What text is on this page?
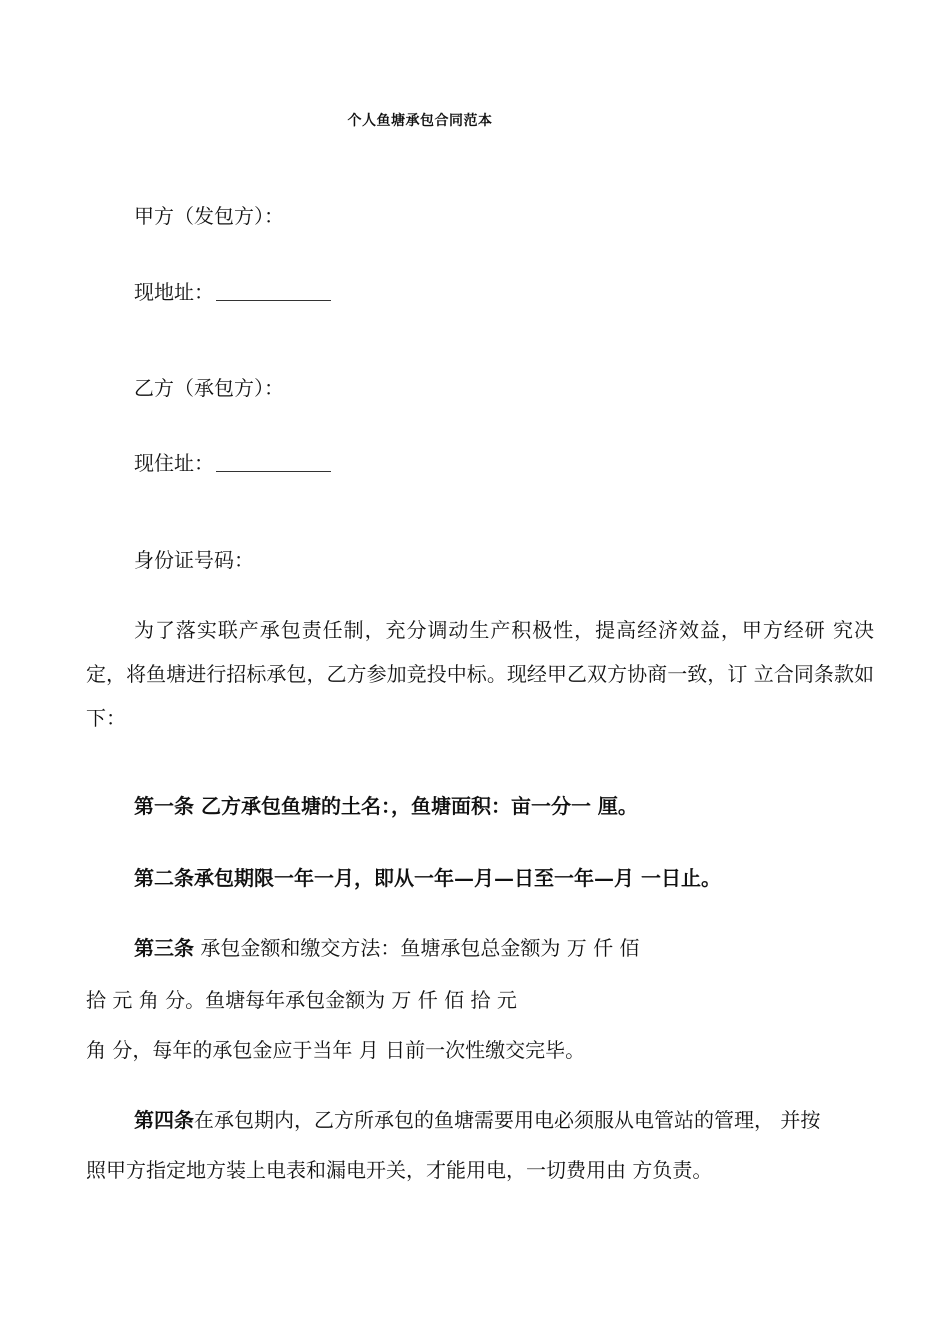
个人鱼塘承包合同范本
甲方（发包方）：
现地址：
乙方（承包方）：
现住址：
身份证号码：

为了落实联产承包责任制，充分调动生产积极性，提高经济效益，甲方经研 究决定，将鱼塘进行招标承包，乙方参加竞投中标。现经甲乙双方协商一致，订 立合同条款如下：

第一条 乙方承包鱼塘的土名：，鱼塘面积：亩一分一 厘。
第二条承包期限一年一月，即从一年—月—日至一年—月 一日止。
第三条 承包金额和缴交方法：鱼塘承包总金额为 万 仟 佰
拾 元 角 分。鱼塘每年承包金额为 万 仟 佰 拾 元
角 分，每年的承包金应于当年 月 日前一次性缴交完毕。
第四条在承包期内，乙方所承包的鱼塘需要用电必须服从电管站的管理， 并按
照甲方指定地方装上电表和漏电开关，才能用电，一切费用由 方负责。
